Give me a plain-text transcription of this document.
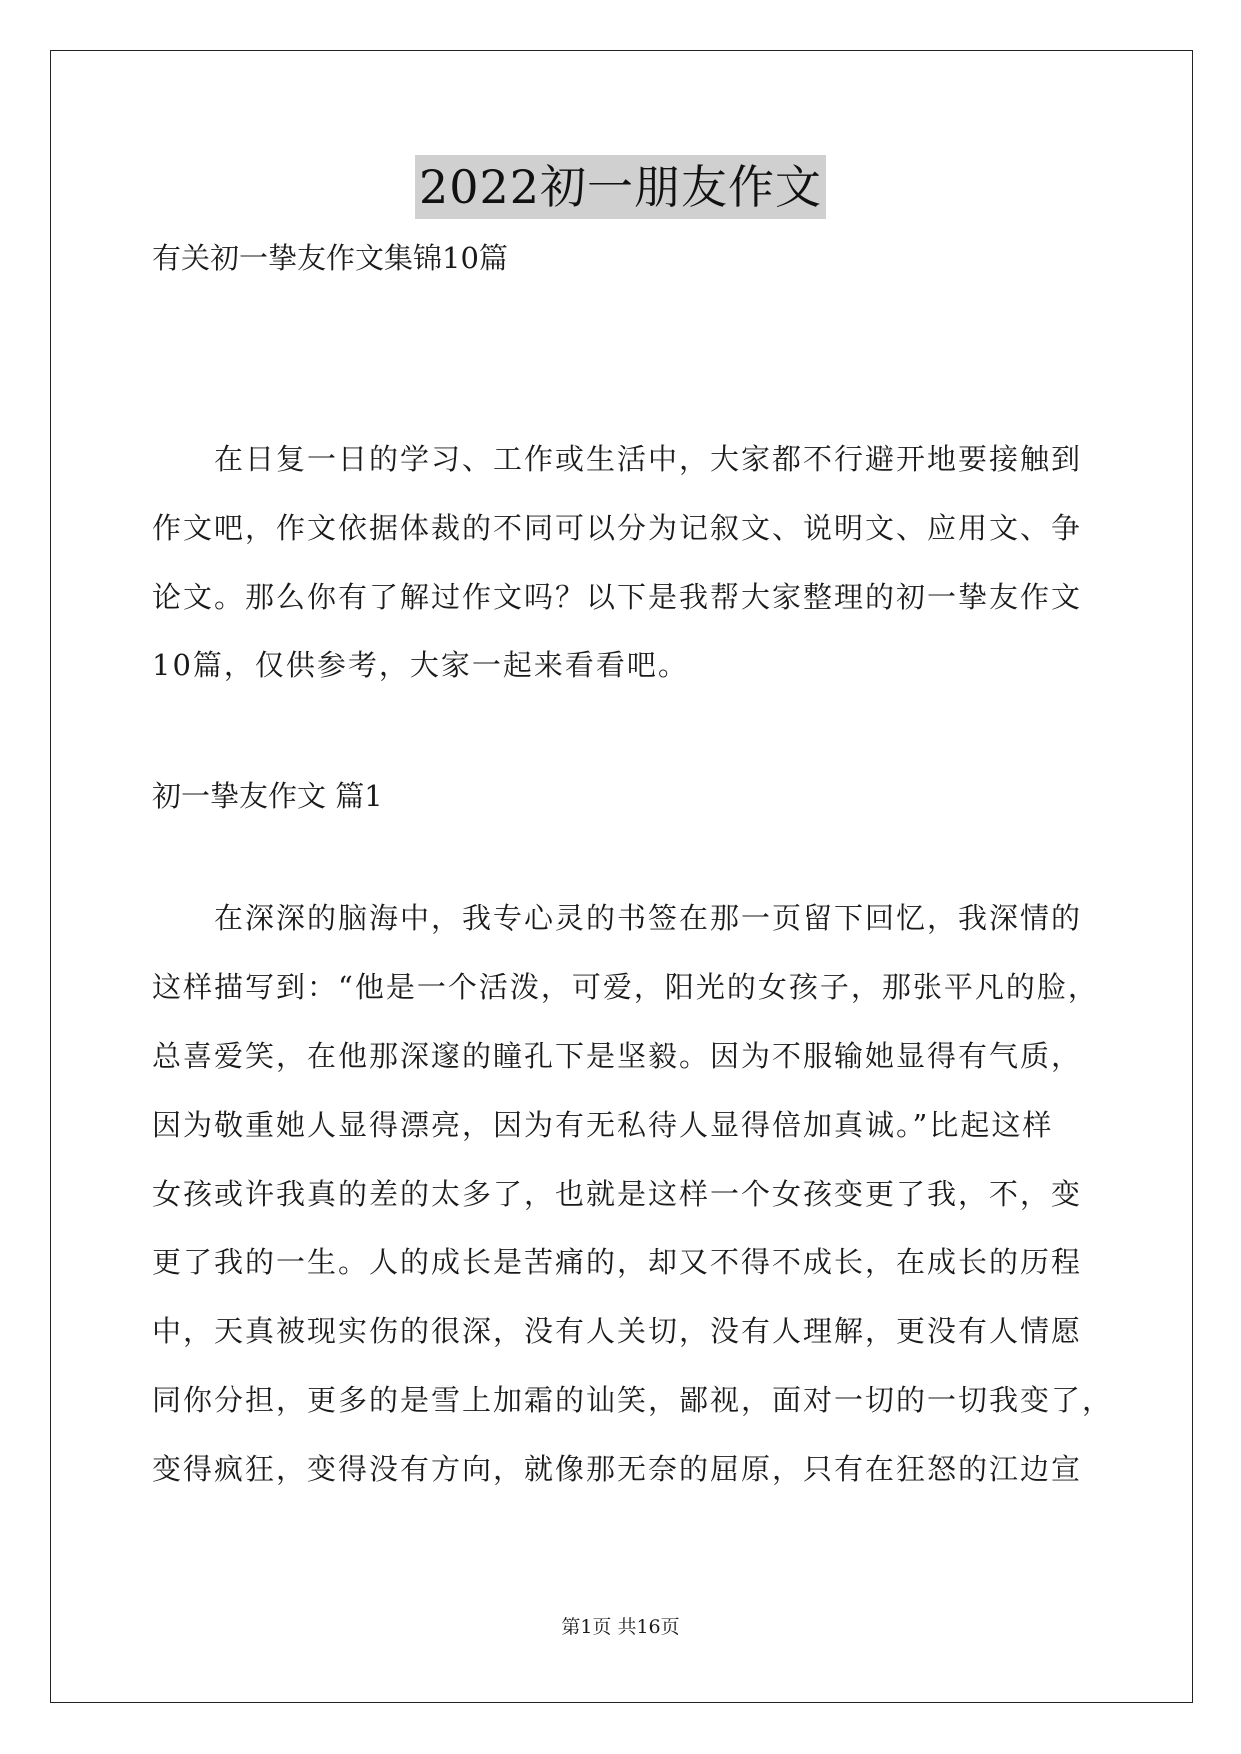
2022初一朋友作文
有关初一挚友作文集锦10篇
在日复一日的学习、工作或生活中，大家都不行避开地要接触到
作文吧，作文依据体裁的不同可以分为记叙文、说明文、应用文、争
论文。那么你有了解过作文吗？以下是我帮大家整理的初一挚友作文
10篇，仅供参考，大家一起来看看吧。
初一挚友作文 篇1
在深深的脑海中，我专心灵的书签在那一页留下回忆，我深情的
这样描写到：“他是一个活泼，可爱，阳光的女孩子，那张平凡的脸，
总喜爱笑，在他那深邃的瞳孔下是坚毅。因为不服输她显得有气质，
因为敬重她人显得漂亮，因为有无私待人显得倍加真诚。”比起这样
女孩或许我真的差的太多了，也就是这样一个女孩变更了我，不，变
更了我的一生。人的成长是苦痛的，却又不得不成长，在成长的历程
中，天真被现实伤的很深，没有人关切，没有人理解，更没有人情愿
同你分担，更多的是雪上加霜的讪笑，鄙视，面对一切的一切我变了，
变得疯狂，变得没有方向，就像那无奈的屈原，只有在狂怒的江边宣
第1页 共16页
